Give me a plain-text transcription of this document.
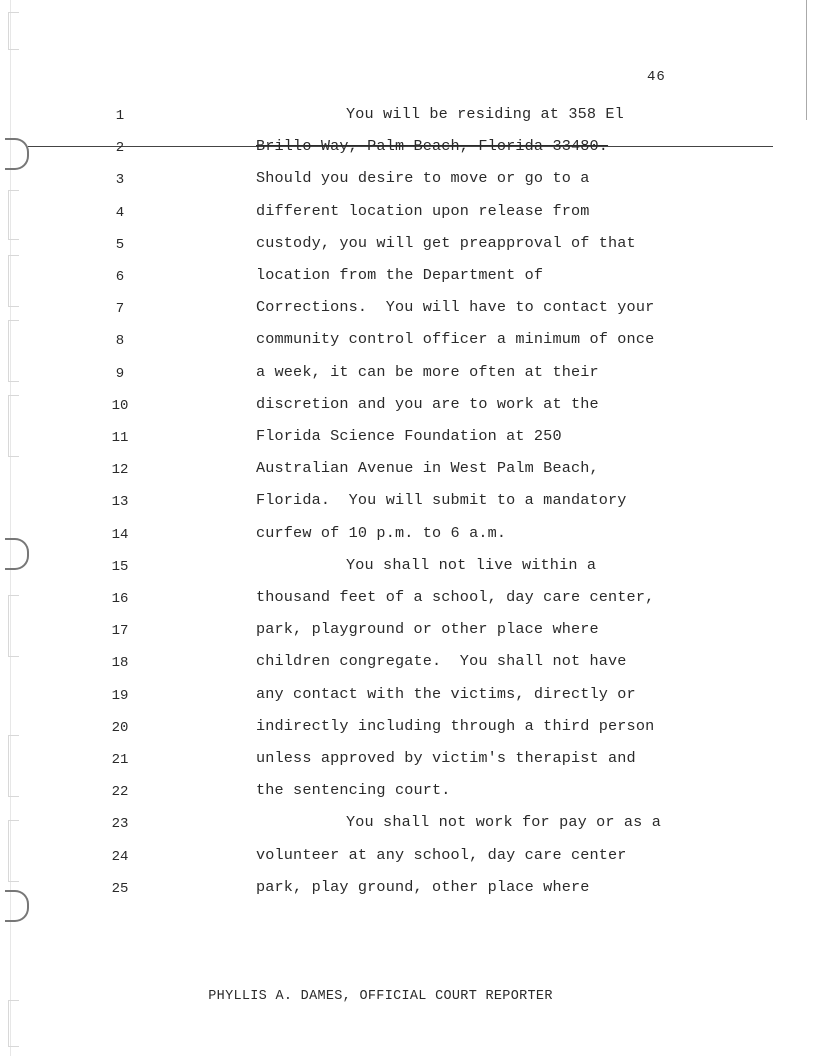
46
1	You will be residing at 358 El
2	Brillo Way, Palm Beach, Florida 33480.
3	Should you desire to move or go to a
4	different location upon release from
5	custody, you will get preapproval of that
6	location from the Department of
7	Corrections.  You will have to contact your
8	community control officer a minimum of once
9	a week, it can be more often at their
10	discretion and you are to work at the
11	Florida Science Foundation at 250
12	Australian Avenue in West Palm Beach,
13	Florida.  You will submit to a mandatory
14	curfew of 10 p.m. to 6 a.m.
15	You shall not live within a
16	thousand feet of a school, day care center,
17	park, playground or other place where
18	children congregate.  You shall not have
19	any contact with the victims, directly or
20	indirectly including through a third person
21	unless approved by victim's therapist and
22	the sentencing court.
23	You shall not work for pay or as a
24	volunteer at any school, day care center
25	park, play ground, other place where
PHYLLIS A. DAMES, OFFICIAL COURT REPORTER
